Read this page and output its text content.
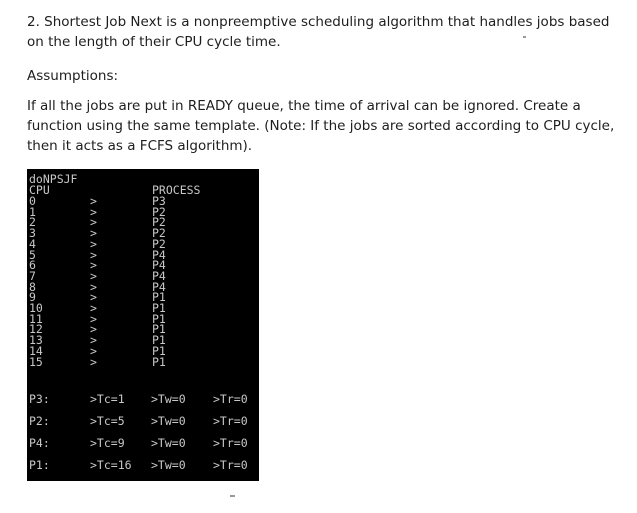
2. Shortest Job Next is a nonpreemptive scheduling algorithm that handles jobs based on the length of their CPU cycle time.

Assumptions:

If all the jobs are put in READY queue, the time of arrival can be ignored. Create a function using the same template. (Note: If the jobs are sorted according to CPU cycle, then it acts as a FCFS algorithm).

doNPSJF
CPU	PROCESS
0	>	P3
1	>	P2
2	>	P2
3	>	P2
4	>	P2
5	>	P4
6	>	P4
7	>	P4
8	>	P4
9	>	P1
10	>	P1
11	>	P1
12	>	P1
13	>	P1
14	>	P1
15	>	P1
P3:	>Tc=1 >Tw=0 >Tr=0
P2:	>Tc=5 >Tw=0 >Tr=0
P4:	>Tc=9 >Tw=0 >Tr=0
P1:	>Tc=16 >Tw=0 >Tr=0
